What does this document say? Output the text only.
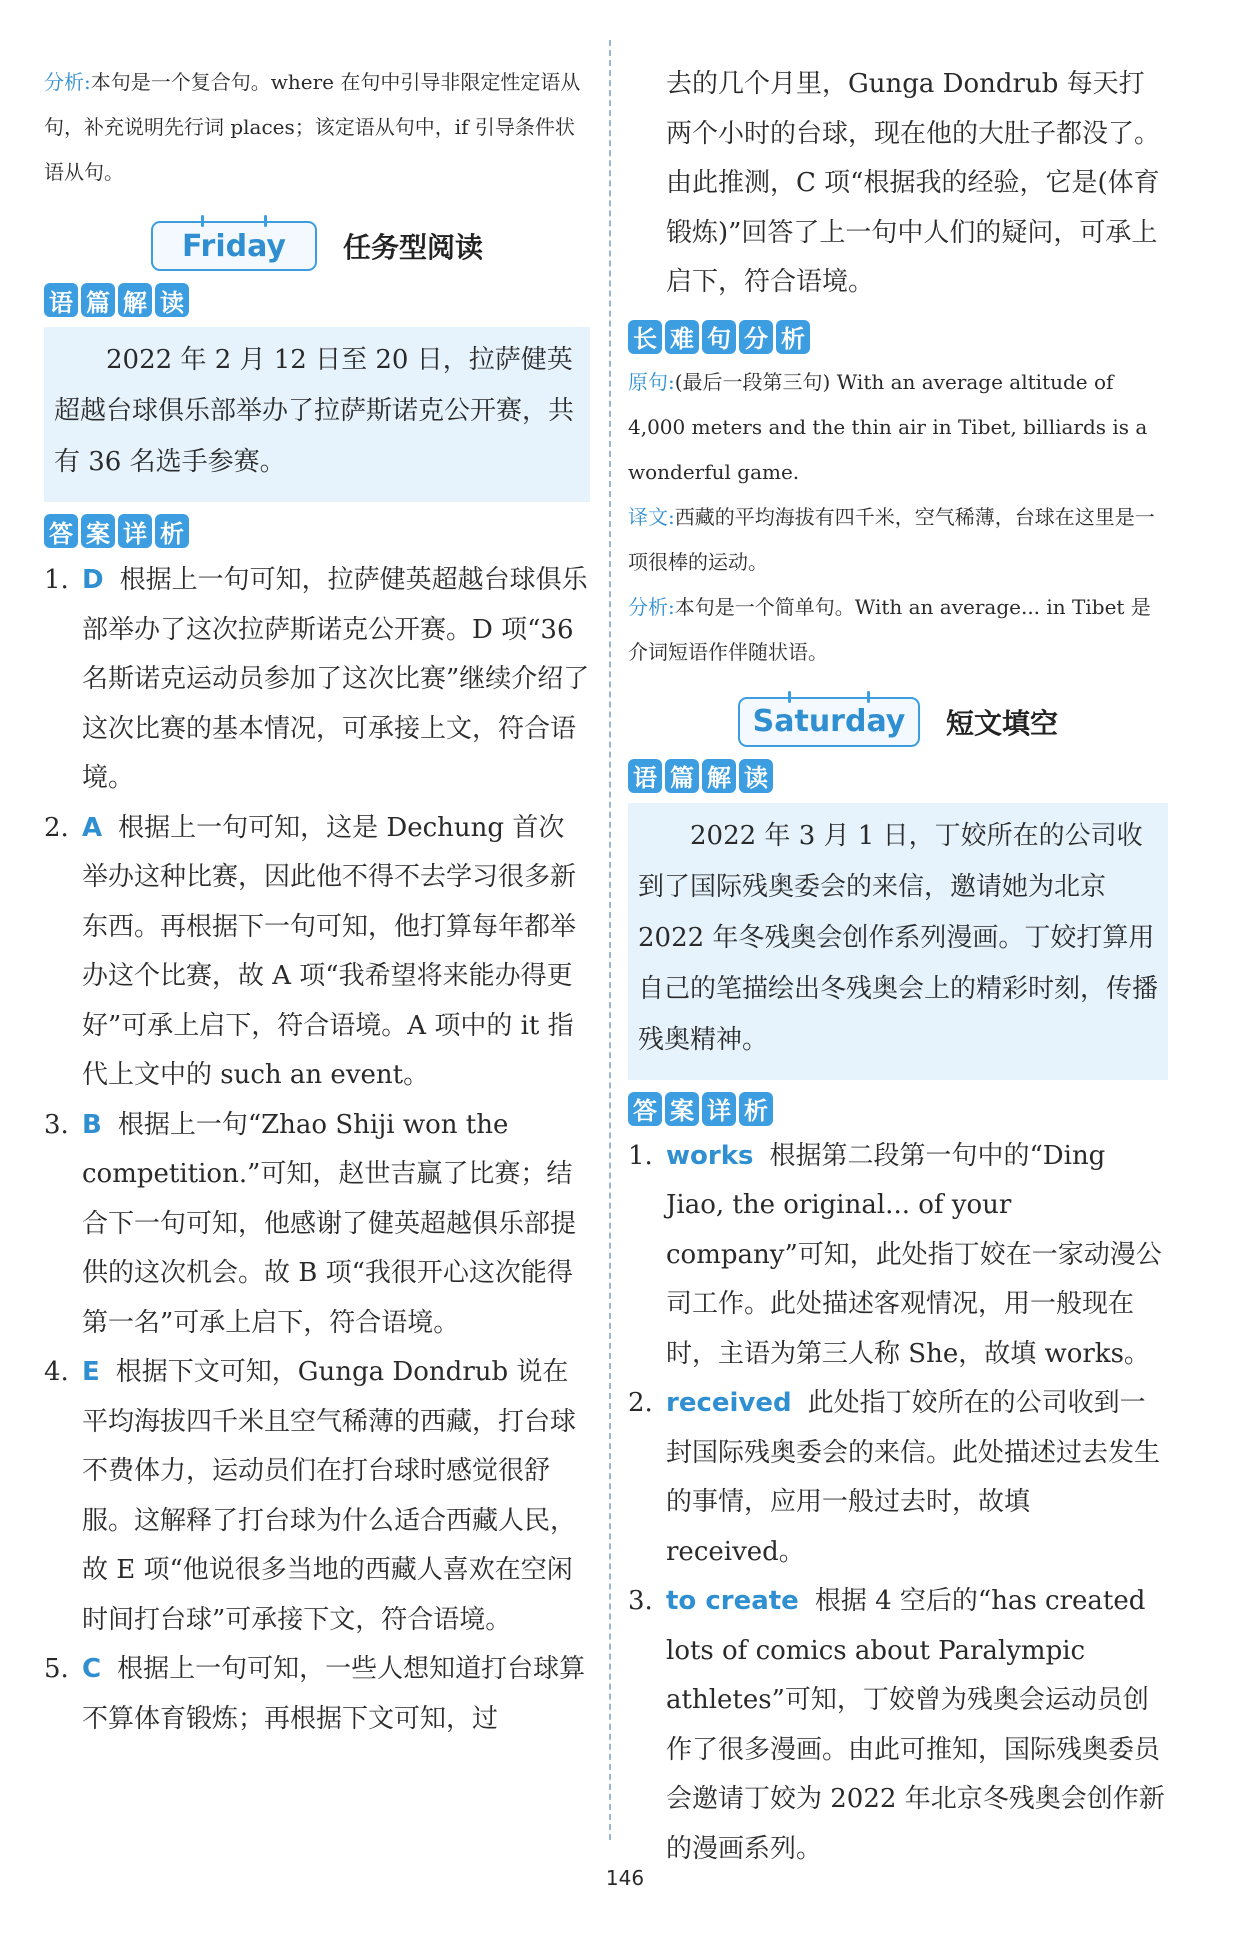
分析:本句是一个复合句。where 在句中引导非限定性定语从句，补充说明先行词 places；该定语从句中，if 引导条件状语从句。
Friday	任务型阅读
语 篇 解 读
2022 年 2 月 12 日至 20 日，拉萨健英超越台球俱乐部举办了拉萨斯诺克公开赛，共有 36 名选手参赛。
答 案 详 析
1. D 根据上一句可知，拉萨健英超越台球俱乐部举办了这次拉萨斯诺克公开赛。D 项“36 名斯诺克运动员参加了这次比赛”继续介绍了这次比赛的基本情况，可承接上文，符合语境。
2. A 根据上一句可知，这是 Dechung 首次举办这种比赛，因此他不得不去学习很多新东西。再根据下一句可知，他打算每年都举办这个比赛，故 A 项“我希望将来能办得更好”可承上启下，符合语境。A 项中的 it 指代上文中的 such an event。
3. B 根据上一句“Zhao Shiji won the competition.”可知，赵世吉赢了比赛；结合下一句可知，他感谢了健英超越俱乐部提供的这次机会。故 B 项“我很开心这次能得第一名”可承上启下，符合语境。
4. E 根据下文可知，Gunga Dondrub 说在平均海拔四千米且空气稀薄的西藏，打台球不费体力，运动员们在打台球时感觉很舒服。这解释了打台球为什么适合西藏人民，故 E 项“他说很多当地的西藏人喜欢在空闲时间打台球”可承接下文，符合语境。
5. C 根据上一句可知，一些人想知道打台球算不算体育锻炼；再根据下文可知，过
去的几个月里，Gunga Dondrub 每天打两个小时的台球，现在他的大肚子都没了。由此推测，C 项“根据我的经验，它是(体育锻炼)”回答了上一句中人们的疑问，可承上启下，符合语境。
长 难 句 分 析
原句:(最后一段第三句) With an average altitude of 4,000 meters and the thin air in Tibet, billiards is a wonderful game.
译文:西藏的平均海拔有四千米，空气稀薄，台球在这里是一项很棒的运动。
分析:本句是一个简单句。With an average... in Tibet 是介词短语作伴随状语。
Saturday	短文填空
语 篇 解 读
2022 年 3 月 1 日，丁姣所在的公司收到了国际残奥委会的来信，邀请她为北京 2022 年冬残奥会创作系列漫画。丁姣打算用自己的笔描绘出冬残奥会上的精彩时刻，传播残奥精神。
答 案 详 析
1. works 根据第二段第一句中的“Ding Jiao, the original... of your company”可知，此处指丁姣在一家动漫公司工作。此处描述客观情况，用一般现在时，主语为第三人称 She，故填 works。
2. received 此处指丁姣所在的公司收到一封国际残奥委会的来信。此处描述过去发生的事情，应用一般过去时，故填 received。
3. to create 根据 4 空后的“has created lots of comics about Paralympic athletes”可知，丁姣曾为残奥会运动员创作了很多漫画。由此可推知，国际残奥委员会邀请丁姣为 2022 年北京冬残奥会创作新的漫画系列。
146
